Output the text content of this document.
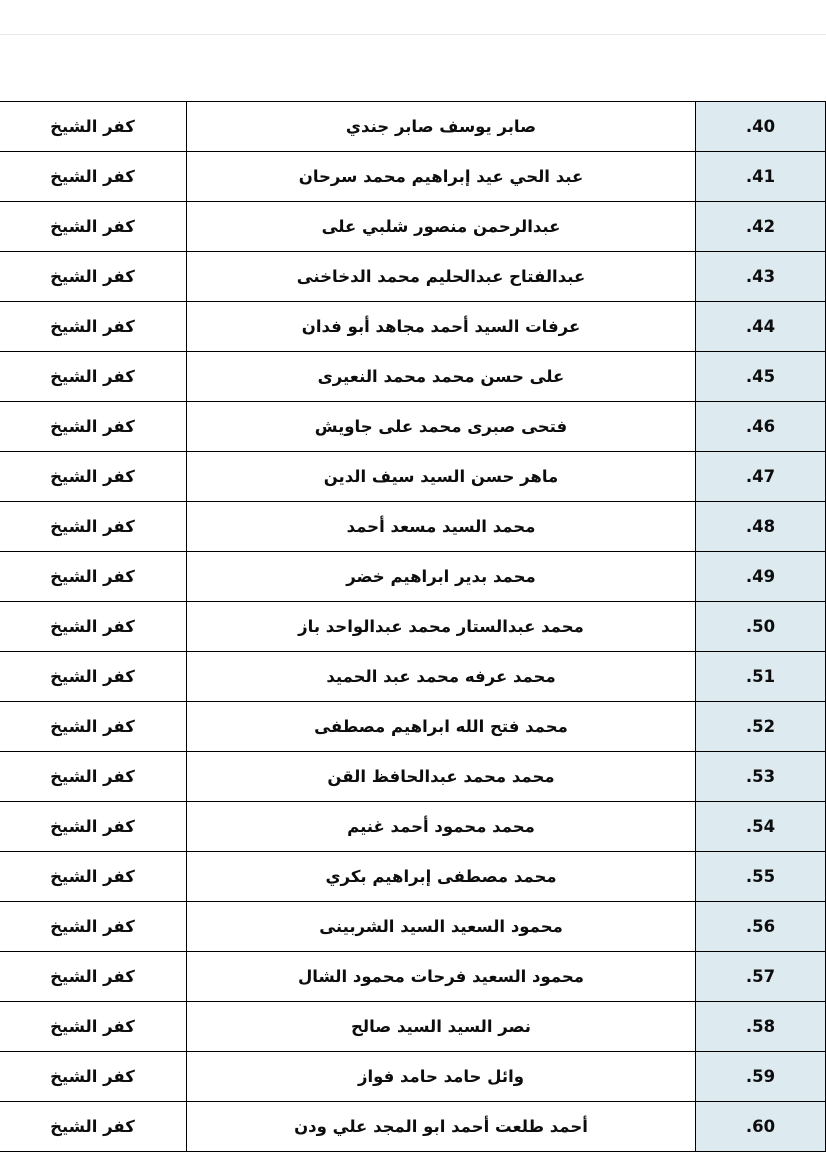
.40	صابر يوسف صابر جندي	كفر الشيخ
.41	عبد الحي عيد إبراهيم محمد سرحان	كفر الشيخ
.42	عبدالرحمن منصور شلبي على	كفر الشيخ
.43	عبدالفتاح عبدالحليم محمد الدخاخنى	كفر الشيخ
.44	عرفات السيد أحمد مجاهد أبو فدان	كفر الشيخ
.45	على حسن محمد محمد النعيرى	كفر الشيخ
.46	فتحى صبرى محمد على جاويش	كفر الشيخ
.47	ماهر حسن السيد سيف الدين	كفر الشيخ
.48	محمد السيد مسعد أحمد	كفر الشيخ
.49	محمد بدير ابراهيم خضر	كفر الشيخ
.50	محمد عبدالستار محمد عبدالواحد باز	كفر الشيخ
.51	محمد عرفه محمد عبد الحميد	كفر الشيخ
.52	محمد فتح الله ابراهيم مصطفى	كفر الشيخ
.53	محمد محمد عبدالحافظ القن	كفر الشيخ
.54	محمد محمود أحمد غنيم	كفر الشيخ
.55	محمد مصطفى إبراهيم بكري	كفر الشيخ
.56	محمود السعيد السيد الشربينى	كفر الشيخ
.57	محمود السعيد فرحات محمود الشال	كفر الشيخ
.58	نصر السيد السيد صالح	كفر الشيخ
.59	وائل حامد حامد فواز	كفر الشيخ
.60	أحمد طلعت أحمد ابو المجد علي ودن	كفر الشيخ
